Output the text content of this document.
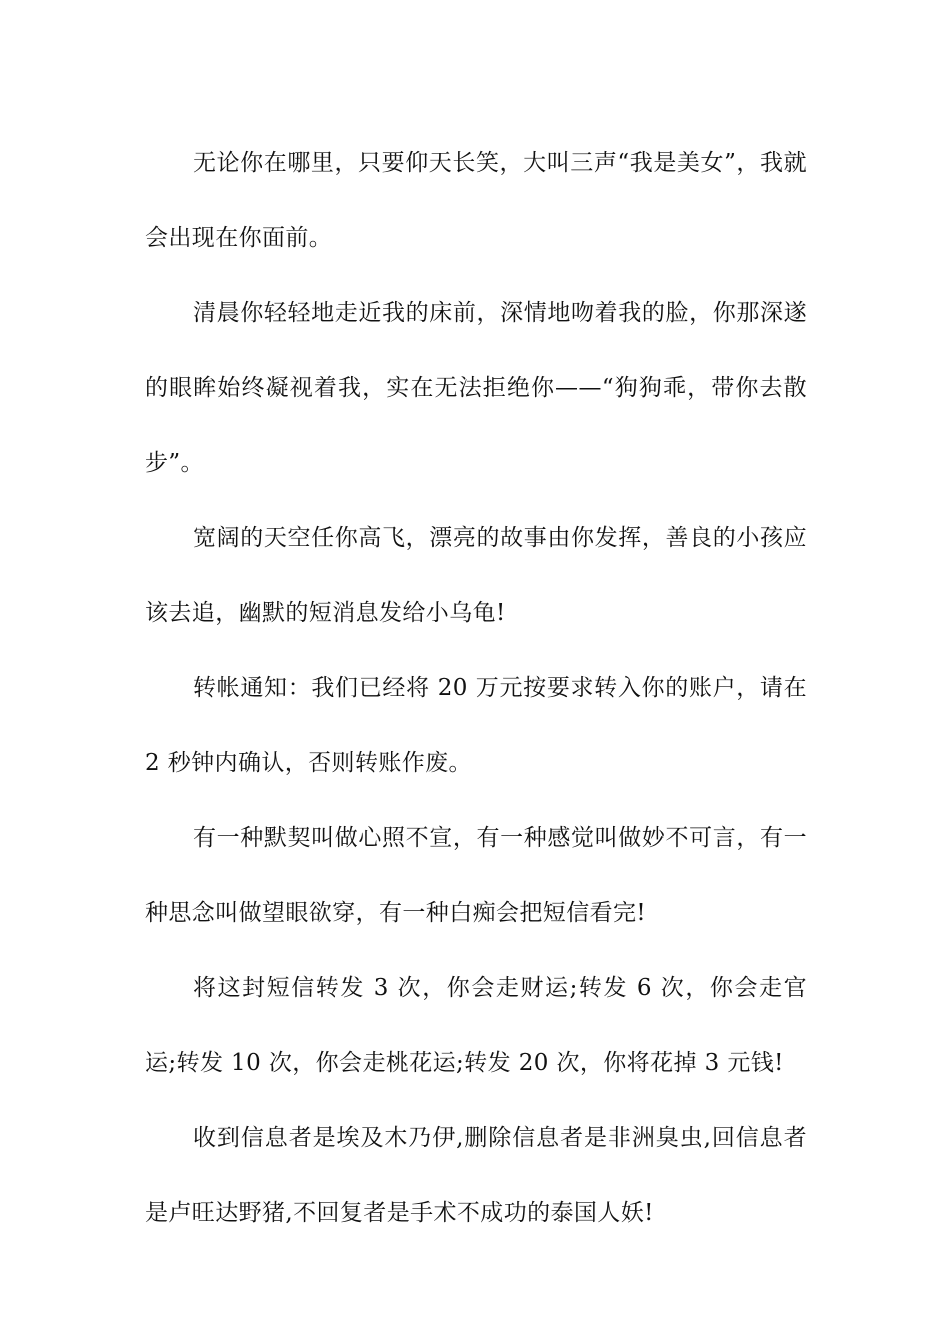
无论你在哪里，只要仰天长笑，大叫三声“我是美女”，我就会出现在你面前。

清晨你轻轻地走近我的床前，深情地吻着我的脸，你那深遂的眼眸始终凝视着我，实在无法拒绝你——“狗狗乖，带你去散步”。

宽阔的天空任你高飞，漂亮的故事由你发挥，善良的小孩应该去追，幽默的短消息发给小乌龟!

转帐通知：我们已经将 20 万元按要求转入你的账户，请在 2 秒钟内确认，否则转账作废。

有一种默契叫做心照不宣，有一种感觉叫做妙不可言，有一种思念叫做望眼欲穿，有一种白痴会把短信看完!

将这封短信转发 3 次，你会走财运;转发 6 次，你会走官运;转发 10 次，你会走桃花运;转发 20 次，你将花掉 3 元钱!

收到信息者是埃及木乃伊,删除信息者是非洲臭虫,回信息者是卢旺达野猪,不回复者是手术不成功的泰国人妖!
